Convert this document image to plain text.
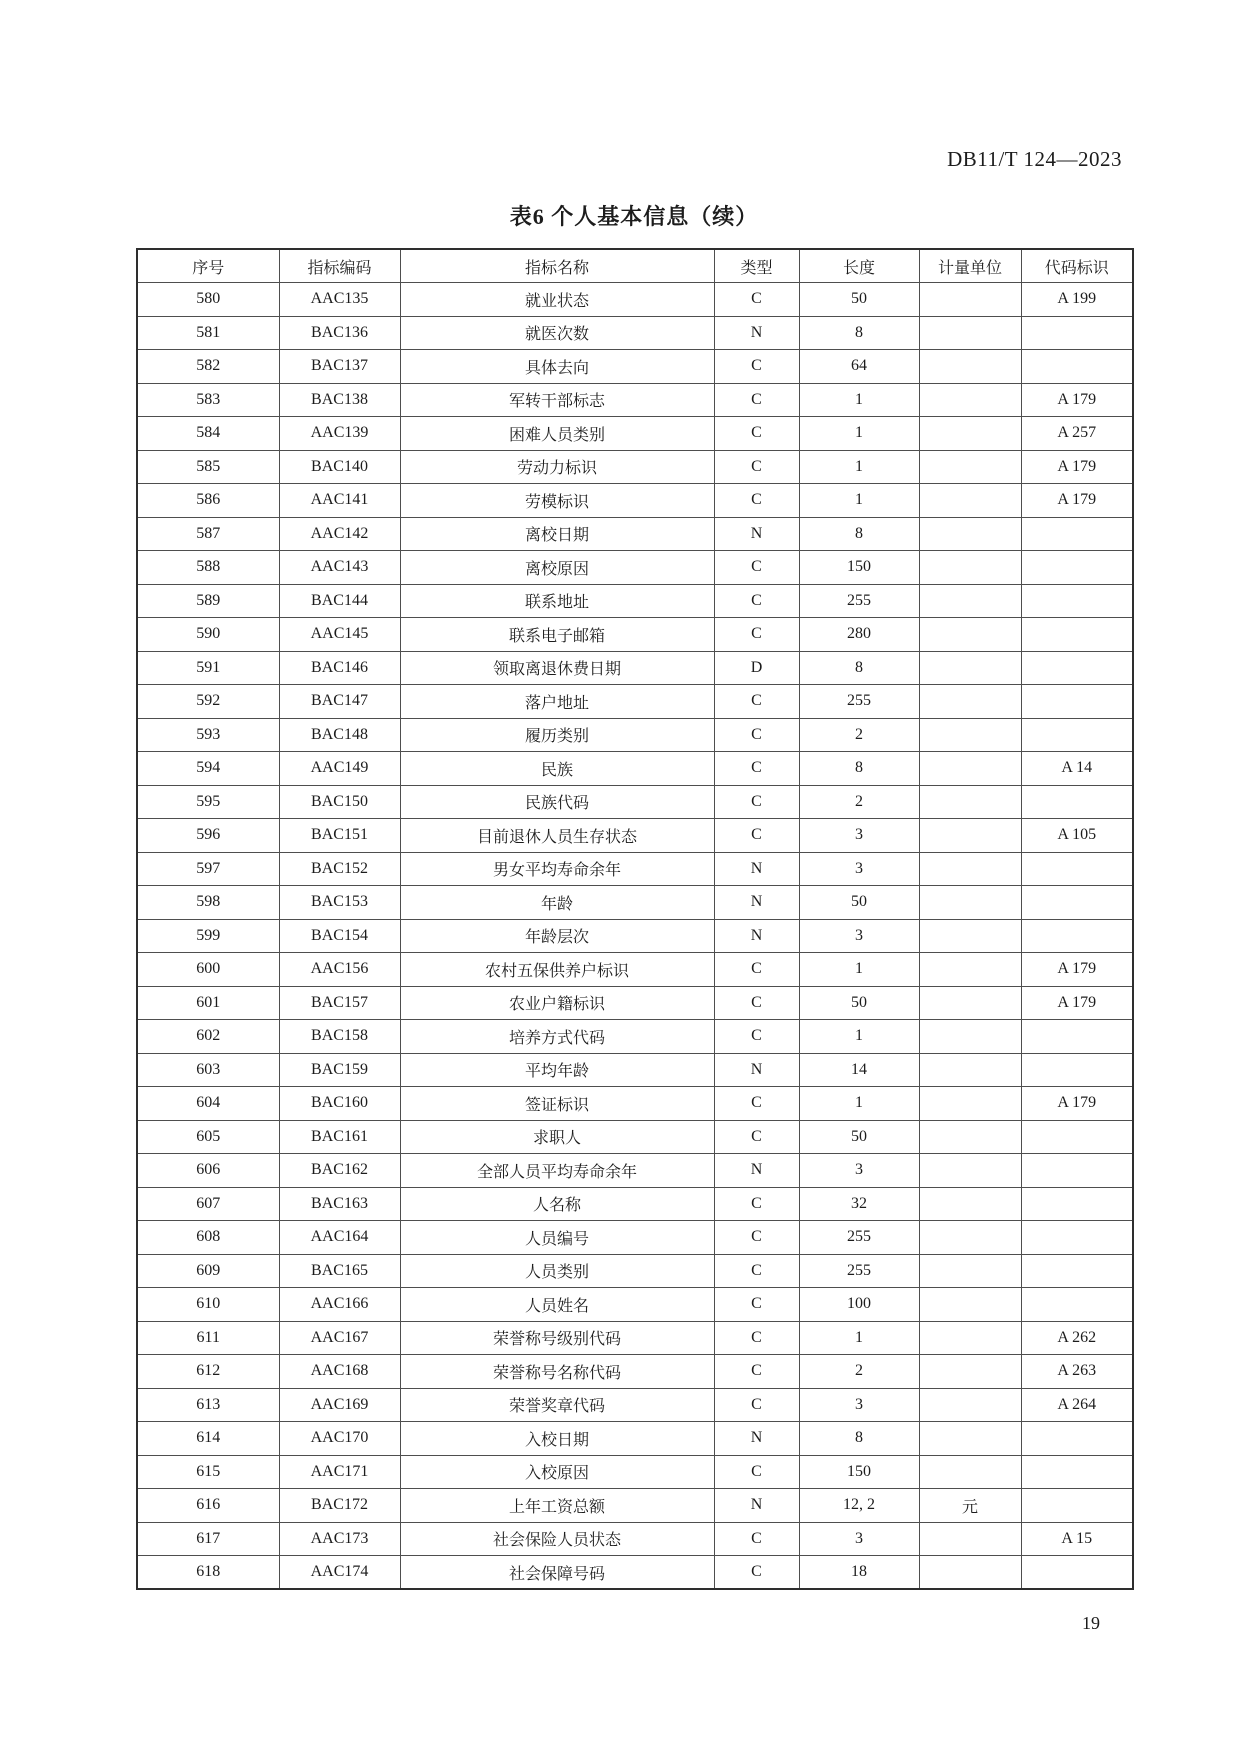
DB11/T 124—2023
表6 个人基本信息（续）
序号	指标编码	指标名称	类型	长度	计量单位	代码标识
580	AAC135	就业状态	C	50		A 199
581	BAC136	就医次数	N	8		
582	BAC137	具体去向	C	64		
583	BAC138	军转干部标志	C	1		A 179
584	AAC139	困难人员类别	C	1		A 257
585	BAC140	劳动力标识	C	1		A 179
586	AAC141	劳模标识	C	1		A 179
587	AAC142	离校日期	N	8		
588	AAC143	离校原因	C	150		
589	BAC144	联系地址	C	255		
590	AAC145	联系电子邮箱	C	280		
591	BAC146	领取离退休费日期	D	8		
592	BAC147	落户地址	C	255		
593	BAC148	履历类别	C	2		
594	AAC149	民族	C	8		A 14
595	BAC150	民族代码	C	2		
596	BAC151	目前退休人员生存状态	C	3		A 105
597	BAC152	男女平均寿命余年	N	3		
598	BAC153	年龄	N	50		
599	BAC154	年龄层次	N	3		
600	AAC156	农村五保供养户标识	C	1		A 179
601	BAC157	农业户籍标识	C	50		A 179
602	BAC158	培养方式代码	C	1		
603	BAC159	平均年龄	N	14		
604	BAC160	签证标识	C	1		A 179
605	BAC161	求职人	C	50		
606	BAC162	全部人员平均寿命余年	N	3		
607	BAC163	人名称	C	32		
608	AAC164	人员编号	C	255		
609	BAC165	人员类别	C	255		
610	AAC166	人员姓名	C	100		
611	AAC167	荣誉称号级别代码	C	1		A 262
612	AAC168	荣誉称号名称代码	C	2		A 263
613	AAC169	荣誉奖章代码	C	3		A 264
614	AAC170	入校日期	N	8		
615	AAC171	入校原因	C	150		
616	BAC172	上年工资总额	N	12, 2	元	
617	AAC173	社会保险人员状态	C	3		A 15
618	AAC174	社会保障号码	C	18		
19
